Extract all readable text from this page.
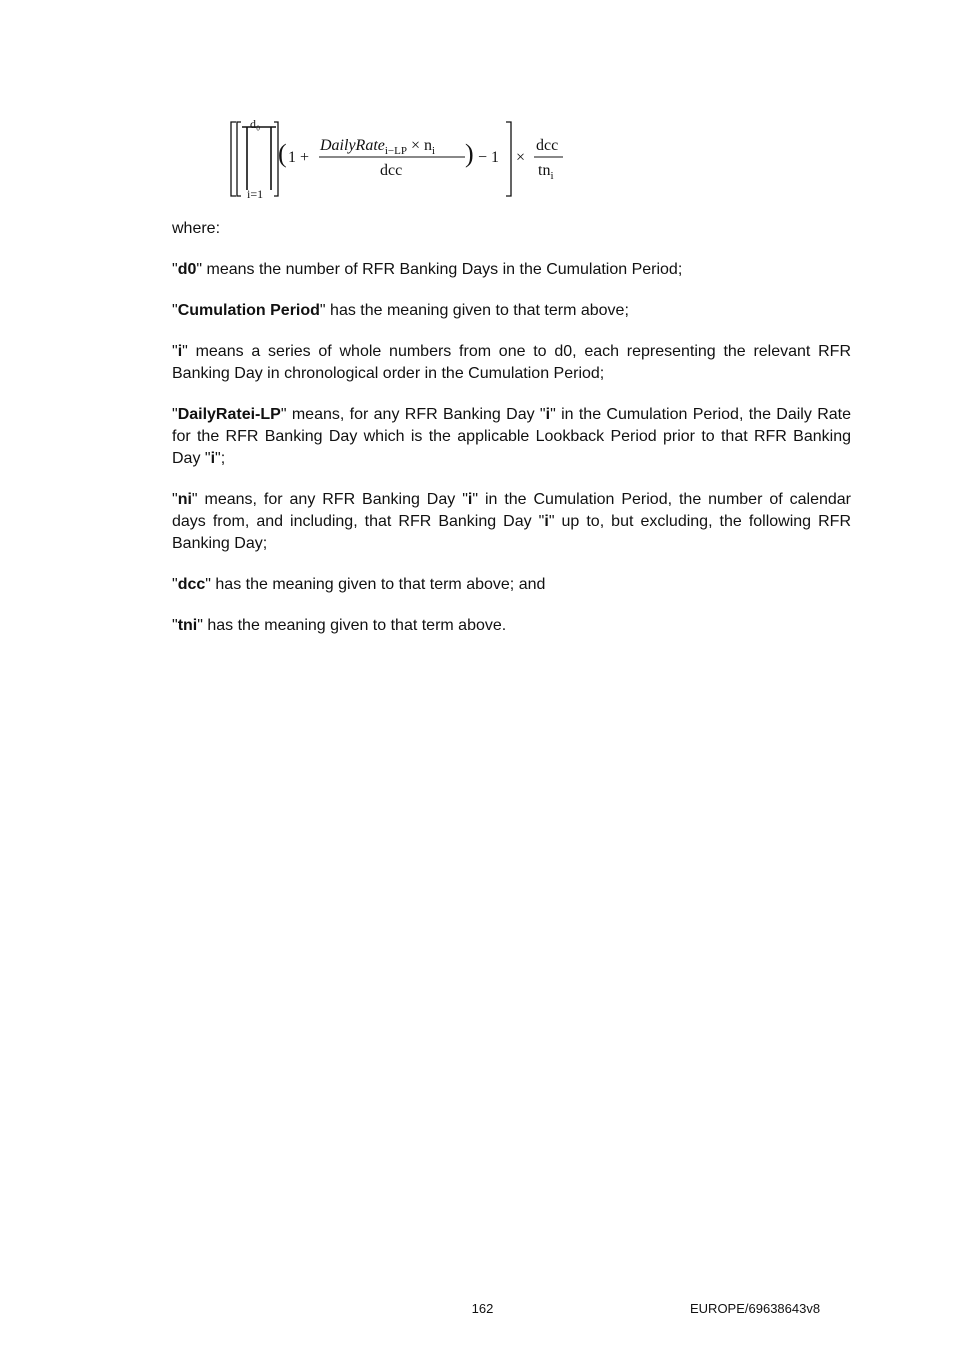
d₀
i=1
( 1 +
DailyRate$_{i-LP}$ × $n_i$
dcc
) − 1 ×
dcc
$tn_i$

where:

"d0" means the number of RFR Banking Days in the Cumulation Period;

"Cumulation Period" has the meaning given to that term above;

"i" means a series of whole numbers from one to d0, each representing the relevant RFR Banking Day in chronological order in the Cumulation Period;

"DailyRatei-LP" means, for any RFR Banking Day "i" in the Cumulation Period, the Daily Rate for the RFR Banking Day which is the applicable Lookback Period prior to that RFR Banking Day "i";

"ni" means, for any RFR Banking Day "i" in the Cumulation Period, the number of calendar days from, and including, that RFR Banking Day "i" up to, but excluding, the following RFR Banking Day;

"dcc" has the meaning given to that term above; and

"tni" has the meaning given to that term above.

162	EUROPE/69638643v8
